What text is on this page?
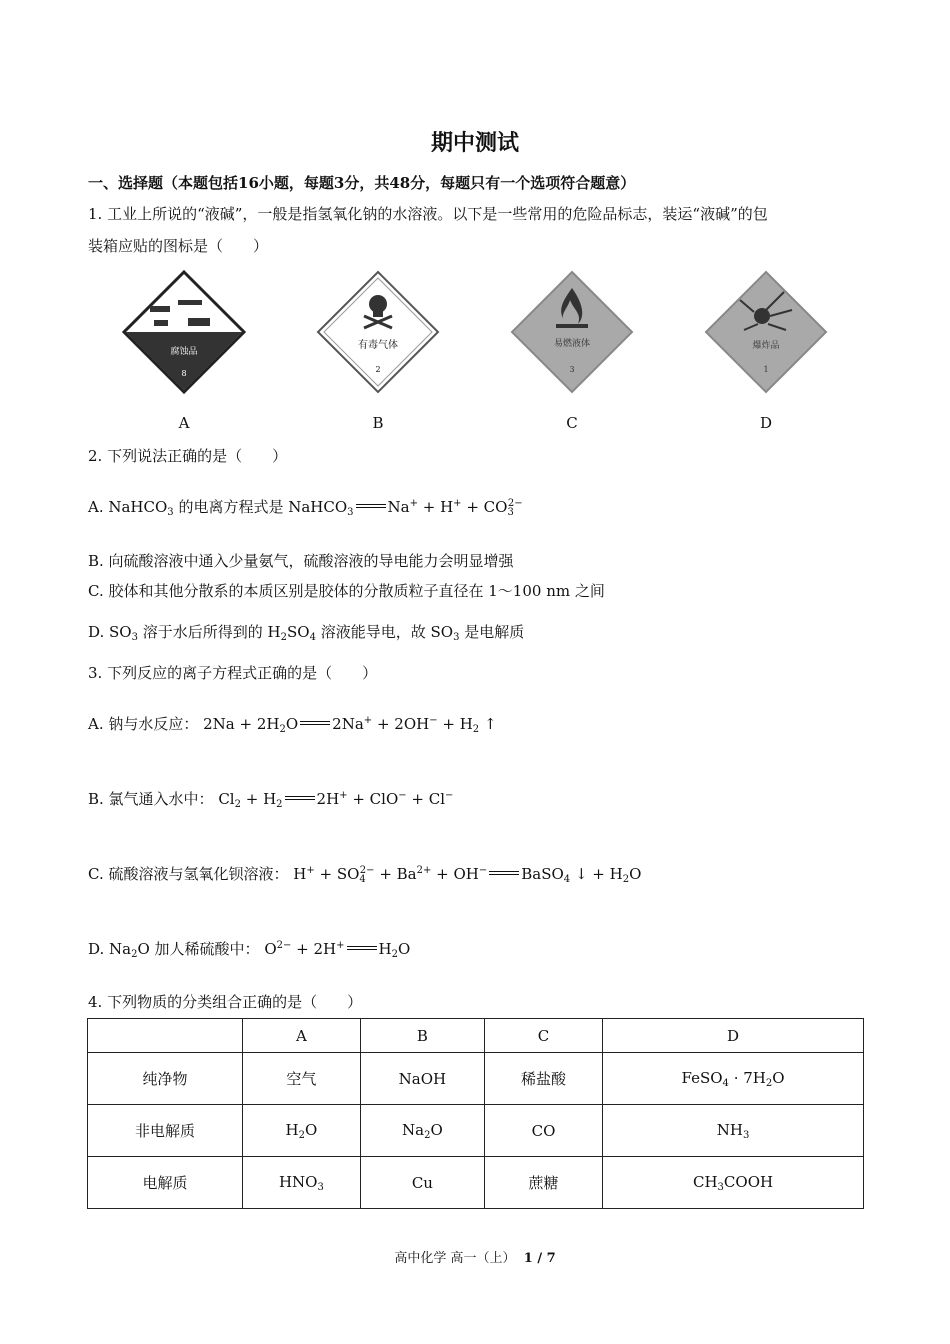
期中测试
一、选择题（本题包括16小题，每题3分，共48分，每题只有一个选项符合题意）
1. 工业上所说的“液碱”，一般是指氢氧化钠的水溶液。以下是一些常用的危险品标志，装运“液碱”的包
装箱应贴的图标是（　　）
腐蚀品
8
有毒气体
2
易燃液体
3
爆炸品
1
A	B	C	D
2. 下列说法正确的是（　　）
A. NaHCO$_3$ 的电离方程式是 NaHCO$_3$ $Na^+ + H^+ + CO_3^{2-}$
B. 向硫酸溶液中通入少量氨气，硫酸溶液的导电能力会明显增强
C. 胶体和其他分散系的本质区别是胶体的分散质粒子直径在 1～100 nm 之间
D. $SO_3$ 溶于水后所得到的 $H_2SO_4$ 溶液能导电，故 $SO_3$ 是电解质
3. 下列反应的离子方程式正确的是（　　）
A. 钠与水反应： $2Na + 2H_2O$ $2Na^+ + 2OH^- + H_2$ ↑
B. 氯气通入水中： $Cl_2 + H_2$ 2H+ + ClO− + Cl−
C. 硫酸溶液与氢氧化钡溶液： $H^+ + SO_4^{2-} + Ba^{2+} + OH^-$ BaSO$_4$ ↓ + $H_2O$
D. $Na_2O$ 加人稀硫酸中： $O^{2-} + 2H^+$ $H_2O$
4. 下列物质的分类组合正确的是（　　）
	A	B	C	D
纯净物	空气	NaOH	稀盐酸	FeSO$_4$ · $7H_2O$
非电解质	$H_2O$	$Na_2O$	CO	$NH_3$
电解质	$HNO_3$	Cu	蔗糖	$CH_3COOH$
高中化学 高一（上） 1 / 7
